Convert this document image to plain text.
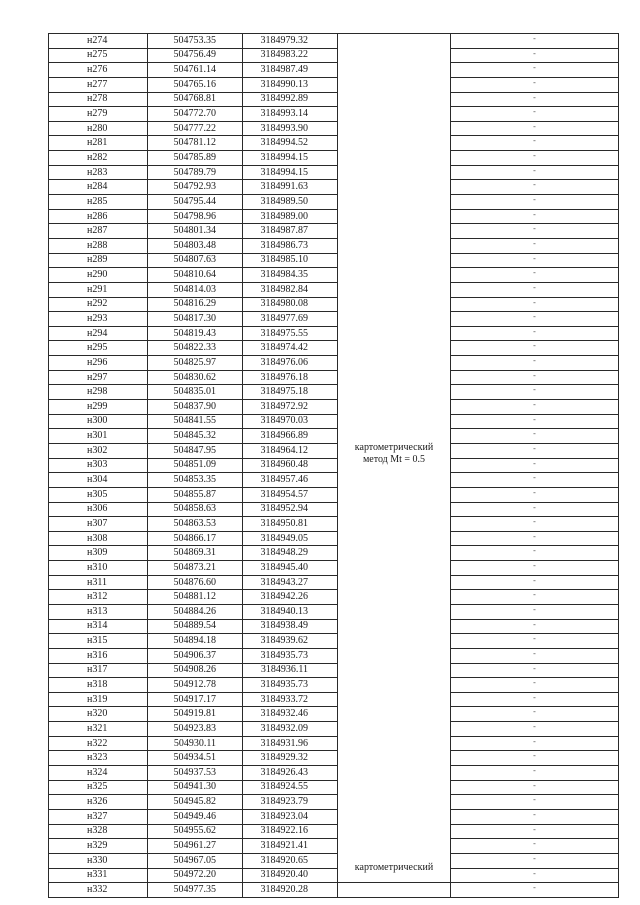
н274	504753.35	3184979.32		-
н275	504756.49	3184983.22		-
н276	504761.14	3184987.49		-
н277	504765.16	3184990.13		-
н278	504768.81	3184992.89		-
н279	504772.70	3184993.14		-
н280	504777.22	3184993.90		-
н281	504781.12	3184994.52		-
н282	504785.89	3184994.15		-
н283	504789.79	3184994.15		-
н284	504792.93	3184991.63		-
н285	504795.44	3184989.50		-
н286	504798.96	3184989.00		-
н287	504801.34	3184987.87		-
н288	504803.48	3184986.73		-
н289	504807.63	3184985.10		-
н290	504810.64	3184984.35		-
н291	504814.03	3184982.84		-
н292	504816.29	3184980.08		-
н293	504817.30	3184977.69		-
н294	504819.43	3184975.55		-
н295	504822.33	3184974.42		-
н296	504825.97	3184976.06		-
н297	504830.62	3184976.18		-
н298	504835.01	3184975.18		-
н299	504837.90	3184972.92		-
н300	504841.55	3184970.03		-
н301	504845.32	3184966.89		-
н302	504847.95	3184964.12		-
н303	504851.09	3184960.48		-
н304	504853.35	3184957.46		-
н305	504855.87	3184954.57		-
н306	504858.63	3184952.94		-
н307	504863.53	3184950.81		-
н308	504866.17	3184949.05		-
н309	504869.31	3184948.29		-
н310	504873.21	3184945.40		-
н311	504876.60	3184943.27		-
н312	504881.12	3184942.26		-
н313	504884.26	3184940.13		-
н314	504889.54	3184938.49		-
н315	504894.18	3184939.62		-
н316	504906.37	3184935.73		-
н317	504908.26	3184936.11		-
н318	504912.78	3184935.73		-
н319	504917.17	3184933.72		-
н320	504919.81	3184932.46		-
н321	504923.83	3184932.09		-
н322	504930.11	3184931.96		-
н323	504934.51	3184929.32		-
н324	504937.53	3184926.43		-
н325	504941.30	3184924.55		-
н326	504945.82	3184923.79		-
н327	504949.46	3184923.04		-
н328	504955.62	3184922.16		-
н329	504961.27	3184921.41		-
н330	504967.05	3184920.65		-
н331	504972.20	3184920.40		-
н332	504977.35	3184920.28		-
картометрический
метод Mt = 0.5
картометрический
